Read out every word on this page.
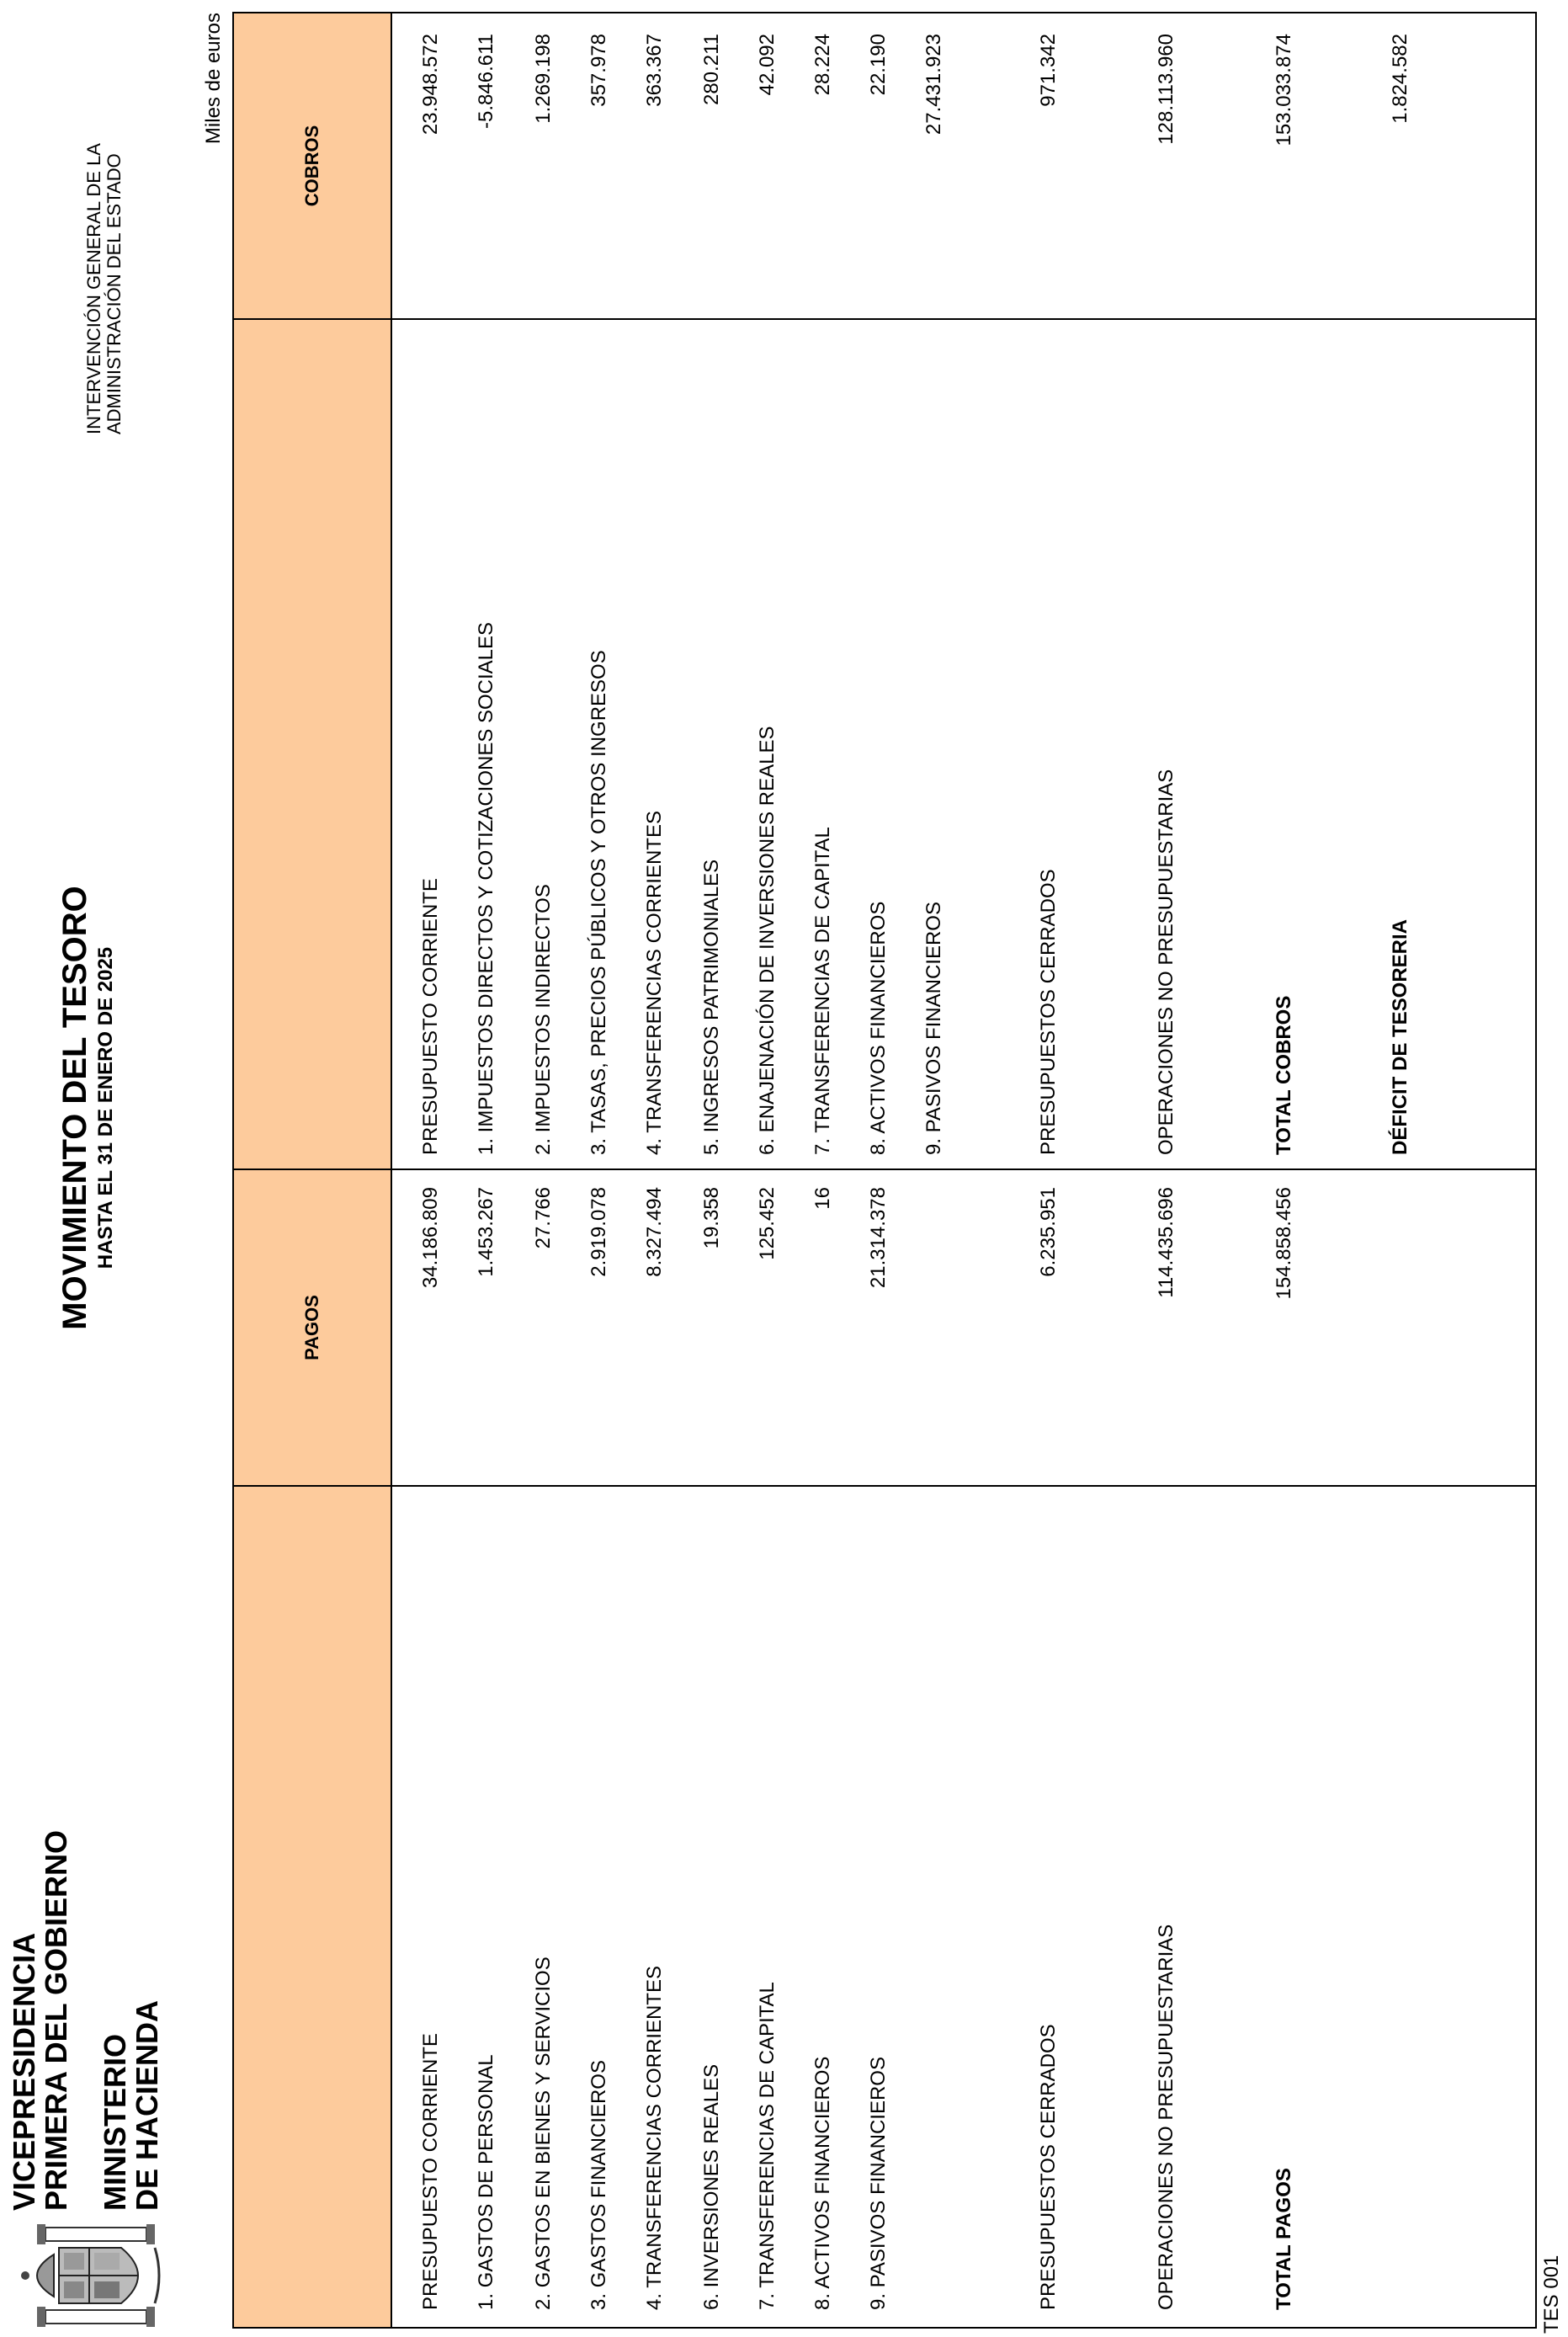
VICEPRESIDENCIA
PRIMERA DEL GOBIERNO MINISTERIO
DE HACIENDA
MOVIMIENTO DEL TESORO HASTA EL 31 DE ENERO DE 2025
INTERVENCIÓN GENERAL DE LA ADMINISTRACIÓN DEL ESTADO
Miles de euros
PAGOS
COBROS
PRESUPUESTO CORRIENTE
34.186.809
1. GASTOS DE PERSONAL
1.453.267
2. GASTOS EN BIENES Y SERVICIOS
27.766
3. GASTOS FINANCIEROS
2.919.078
4. TRANSFERENCIAS CORRIENTES
8.327.494
6. INVERSIONES REALES
19.358
7. TRANSFERENCIAS DE CAPITAL
125.452
8. ACTIVOS FINANCIEROS
16
9. PASIVOS FINANCIEROS
21.314.378
PRESUPUESTOS CERRADOS
6.235.951
OPERACIONES NO PRESUPUESTARIAS
114.435.696
TOTAL PAGOS
154.858.456
PRESUPUESTO CORRIENTE
23.948.572
1. IMPUESTOS DIRECTOS Y COTIZACIONES SOCIALES
-5.846.611
2. IMPUESTOS INDIRECTOS
1.269.198
3. TASAS, PRECIOS PÚBLICOS Y OTROS INGRESOS
357.978
4. TRANSFERENCIAS CORRIENTES
363.367
5. INGRESOS PATRIMONIALES
280.211
6. ENAJENACIÓN DE INVERSIONES REALES
42.092
7. TRANSFERENCIAS DE CAPITAL
28.224
8. ACTIVOS FINANCIEROS
22.190
9. PASIVOS FINANCIEROS
27.431.923
PRESUPUESTOS CERRADOS
971.342
OPERACIONES NO PRESUPUESTARIAS
128.113.960
TOTAL COBROS
153.033.874
DÉFICIT DE TESORERIA
1.824.582
TES 001
